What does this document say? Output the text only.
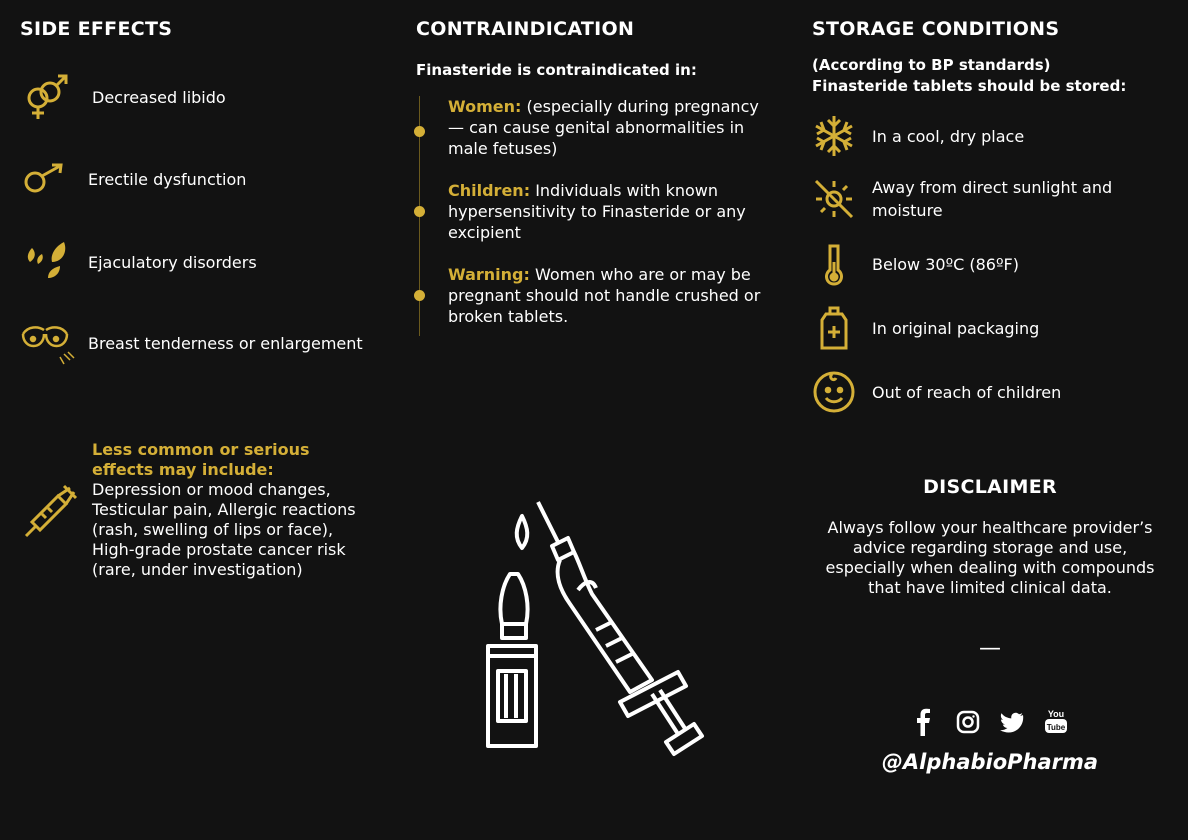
SIDE EFFECTS
Decreased libido
Erectile dysfunction
Ejaculatory disorders
Breast tenderness or enlargement
Less common or serious effects may include:
Depression or mood changes, Testicular pain, Allergic reactions (rash, swelling of lips or face), High-grade prostate cancer risk (rare, under investigation)
CONTRAINDICATION
Finasteride is contraindicated in:
Women: (especially during pregnancy — can cause genital abnormalities in male fetuses)
Children: Individuals with known hypersensitivity to Finasteride or any excipient
Warning: Women who are or may be pregnant should not handle crushed or broken tablets.
STORAGE CONDITIONS
(According to BP standards)
Finasteride tablets should be stored:
In a cool, dry place
Away from direct sunlight and moisture
Below 30ºC (86ºF)
In original packaging
Out of reach of children
DISCLAIMER
Always follow your healthcare provider’s advice regarding storage and use, especially when dealing with compounds that have limited clinical data.
—
You
Tube
@AlphabioPharma
